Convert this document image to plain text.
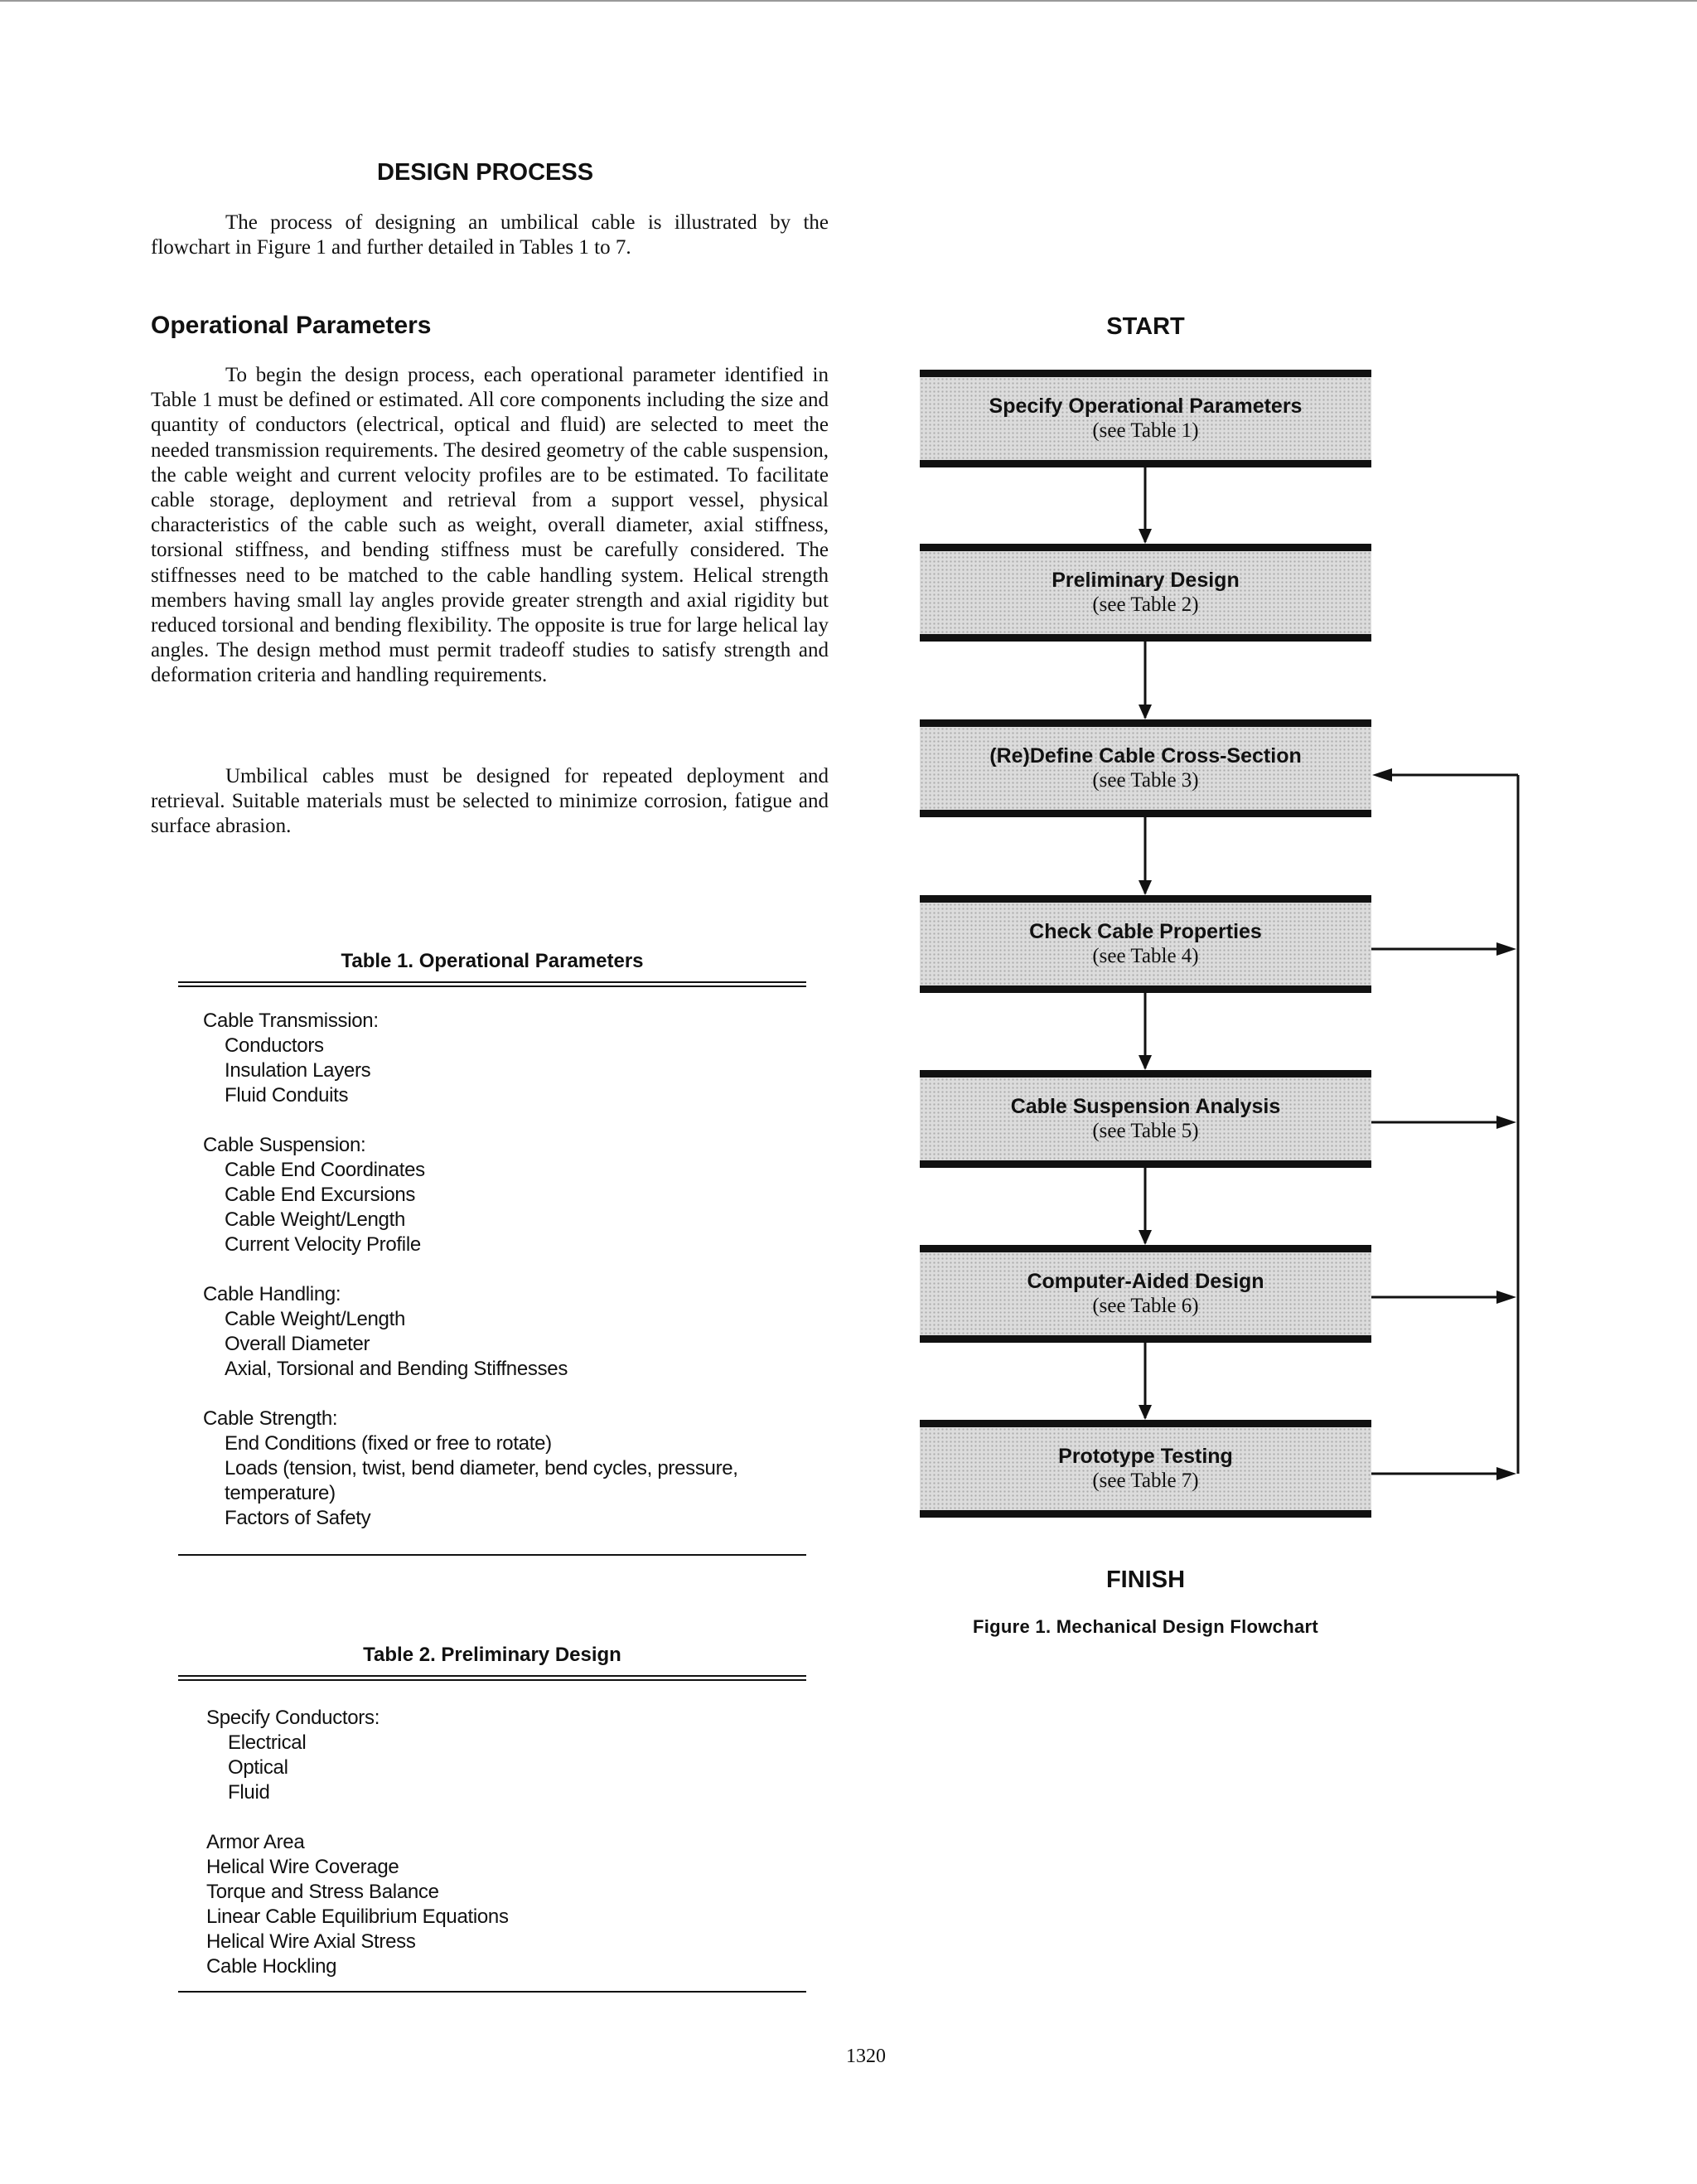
DESIGN PROCESS

The process of designing an umbilical cable is illustrated by the flowchart in Figure 1 and further detailed in Tables 1 to 7.

Operational Parameters

To begin the design process, each operational parameter identified in Table 1 must be defined or estimated. All core components including the size and quantity of conductors (electrical, optical and fluid) are selected to meet the needed transmission requirements. The desired geometry of the cable suspension, the cable weight and current velocity profiles are to be estimated. To facilitate cable storage, deployment and retrieval from a support vessel, physical characteristics of the cable such as weight, overall diameter, axial stiffness, torsional stiffness, and bending stiffness must be carefully considered. The stiffnesses need to be matched to the cable handling system. Helical strength members having small lay angles provide greater strength and axial rigidity but reduced torsional and bending flexibility. The opposite is true for large helical lay angles. The design method must permit tradeoff studies to satisfy strength and deformation criteria and handling requirements.

Umbilical cables must be designed for repeated deployment and retrieval. Suitable materials must be selected to minimize corrosion, fatigue and surface abrasion.

Table 1. Operational Parameters
Cable Transmission:
Conductors
Insulation Layers
Fluid Conduits
Cable Suspension:
Cable End Coordinates
Cable End Excursions
Cable Weight/Length
Current Velocity Profile
Cable Handling:
Cable Weight/Length
Overall Diameter
Axial, Torsional and Bending Stiffnesses
Cable Strength:
End Conditions (fixed or free to rotate)
Loads (tension, twist, bend diameter, bend cycles, pressure, temperature)
Factors of Safety
Table 2. Preliminary Design
Specify Conductors:
Electrical
Optical
Fluid
Armor Area
Helical Wire Coverage
Torque and Stress Balance
Linear Cable Equilibrium Equations
Helical Wire Axial Stress
Cable Hockling

START

Specify Operational Parameters
(see Table 1)
Preliminary Design
(see Table 2)
(Re)Define Cable Cross-Section
(see Table 3)
Check Cable Properties
(see Table 4)
Cable Suspension Analysis
(see Table 5)
Computer-Aided Design
(see Table 6)
Prototype Testing
(see Table 7)

FINISH

Figure 1. Mechanical Design Flowchart

1320
